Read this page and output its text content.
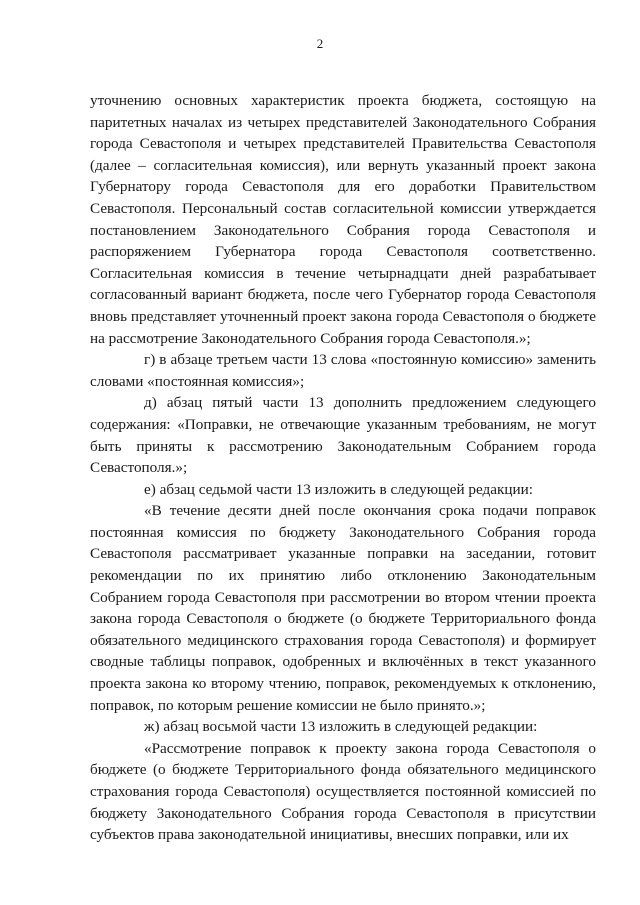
2

уточнению основных характеристик проекта бюджета, состоящую на паритетных началах из четырех представителей Законодательного Собрания города Севастополя и четырех представителей Правительства Севастополя (далее – согласительная комиссия), или вернуть указанный проект закона Губернатору города Севастополя для его доработки Правительством Севастополя. Персональный состав согласительной комиссии утверждается постановлением Законодательного Собрания города Севастополя и распоряжением Губернатора города Севастополя соответственно. Согласительная комиссия в течение четырнадцати дней разрабатывает согласованный вариант бюджета, после чего Губернатор города Севастополя вновь представляет уточненный проект закона города Севастополя о бюджете на рассмотрение Законодательного Собрания города Севастополя.»;

г) в абзаце третьем части 13 слова «постоянную комиссию» заменить словами «постоянная комиссия»;

д) абзац пятый части 13 дополнить предложением следующего содержания: «Поправки, не отвечающие указанным требованиям, не могут быть приняты к рассмотрению Законодательным Собранием города Севастополя.»;

е) абзац седьмой части 13 изложить в следующей редакции:

«В течение десяти дней после окончания срока подачи поправок постоянная комиссия по бюджету Законодательного Собрания города Севастополя рассматривает указанные поправки на заседании, готовит рекомендации по их принятию либо отклонению Законодательным Собранием города Севастополя при рассмотрении во втором чтении проекта закона города Севастополя о бюджете (о бюджете Территориального фонда обязательного медицинского страхования города Севастополя) и формирует сводные таблицы поправок, одобренных и включённых в текст указанного проекта закона ко второму чтению, поправок, рекомендуемых к отклонению, поправок, по которым решение комиссии не было принято.»;

ж) абзац восьмой части 13 изложить в следующей редакции:

«Рассмотрение поправок к проекту закона города Севастополя о бюджете (о бюджете Территориального фонда обязательного медицинского страхования города Севастополя) осуществляется постоянной комиссией по бюджету Законодательного Собрания города Севастополя в присутствии субъектов права законодательной инициативы, внесших поправки, или их
